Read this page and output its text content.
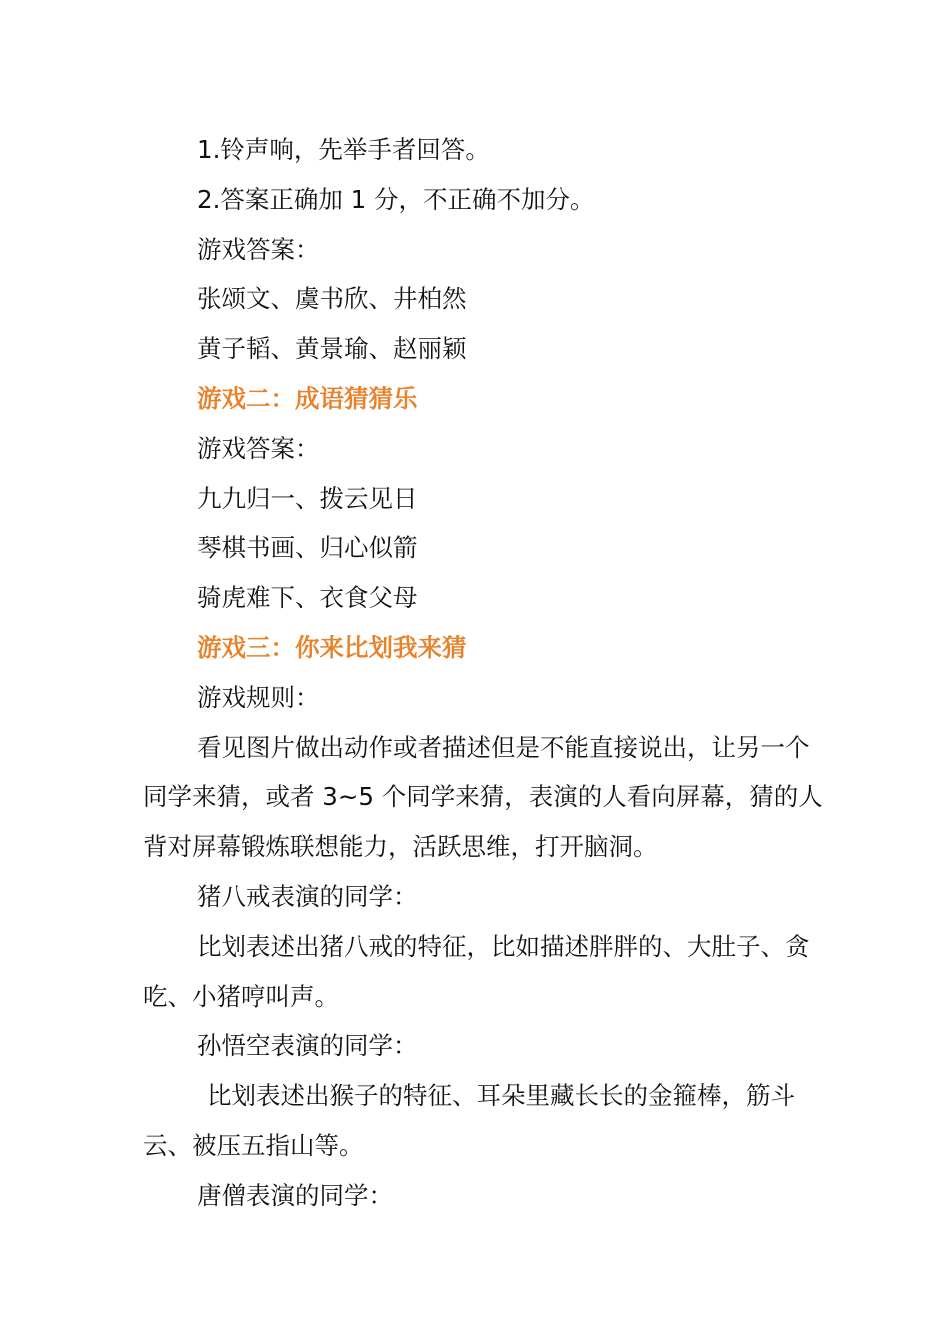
1.铃声响，先举手者回答。

2.答案正确加 1 分，不正确不加分。

游戏答案：

张颂文、虞书欣、井柏然

黄子韬、黄景瑜、赵丽颖

游戏二：成语猜猜乐

游戏答案：

九九归一、拨云见日

琴棋书画、归心似箭

骑虎难下、衣食父母

游戏三：你来比划我来猜

游戏规则：

看见图片做出动作或者描述但是不能直接说出，让另一个同学来猜，或者 3~5 个同学来猜，表演的人看向屏幕，猜的人背对屏幕锻炼联想能力，活跃思维，打开脑洞。

猪八戒表演的同学：

比划表述出猪八戒的特征，比如描述胖胖的、大肚子、贪吃、小猪哼叫声。

孙悟空表演的同学：

比划表述出猴子的特征、耳朵里藏长长的金箍棒，筋斗云、被压五指山等。

唐僧表演的同学：
